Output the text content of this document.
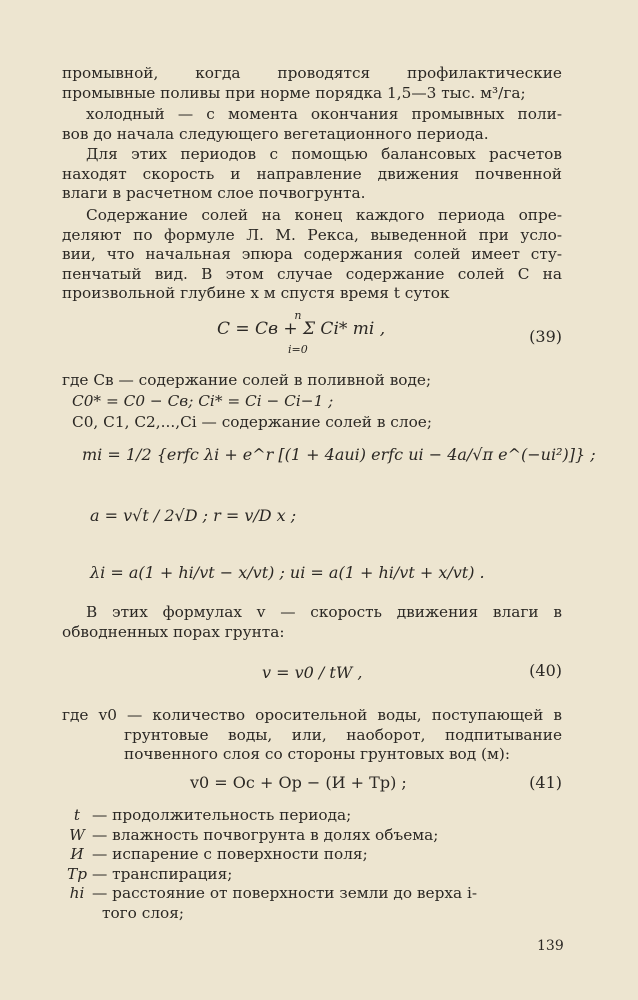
промывной, когда проводятся профилактические
промывные поливы при норме порядка 1,5—3 тыс. м³/га;
холодный — с момента окончания промывных поли-
вов до начала следующего вегетационного периода.
Для этих периодов с помощью балансовых расчетов
находят скорость и направление движения почвенной
влаги в расчетном слое почвогрунта.
Содержание солей на конец каждого периода опре-
деляют по формуле Л. М. Рекса, выведенной при усло-
вии, что начальная эпюра содержания солей имеет сту-
пенчатый вид. В этом случае содержание солей C на
произвольной глубине x м спустя время t суток
C = Cв + Σ Ci* mi ,
n
i=0
(39)
где Cв — содержание солей в поливной воде;
C0* = C0 − Cв; Ci* = Ci − Ci−1 ;
C0, C1, C2,...,Ci — содержание солей в слое;
mi = 1/2 {erfc λi + e^r [(1 + 4aui) erfc ui − 4a/√π e^(−ui²)]} ;
a = v√t / 2√D ; r = v/D x ;
λi = a(1 + hi/vt − x/vt) ; ui = a(1 + hi/vt + x/vt) .
В этих формулах v — скорость движения влаги в
обводненных порах грунта:
v = v0 / tW ,	(40)
где v0 — количество оросительной воды, поступающей в
грунтовые воды, или, наоборот, подпитывание
почвенного слоя со стороны грунтовых вод (м):
v0 = Oc + Op − (И + Tp) ;	(41)
t — продолжительность периода;
W — влажность почвогрунта в долях объема;
И — испарение с поверхности поля;
Tp — транспирация;
hi — расстояние от поверхности земли до верха i-
того слоя;
139
